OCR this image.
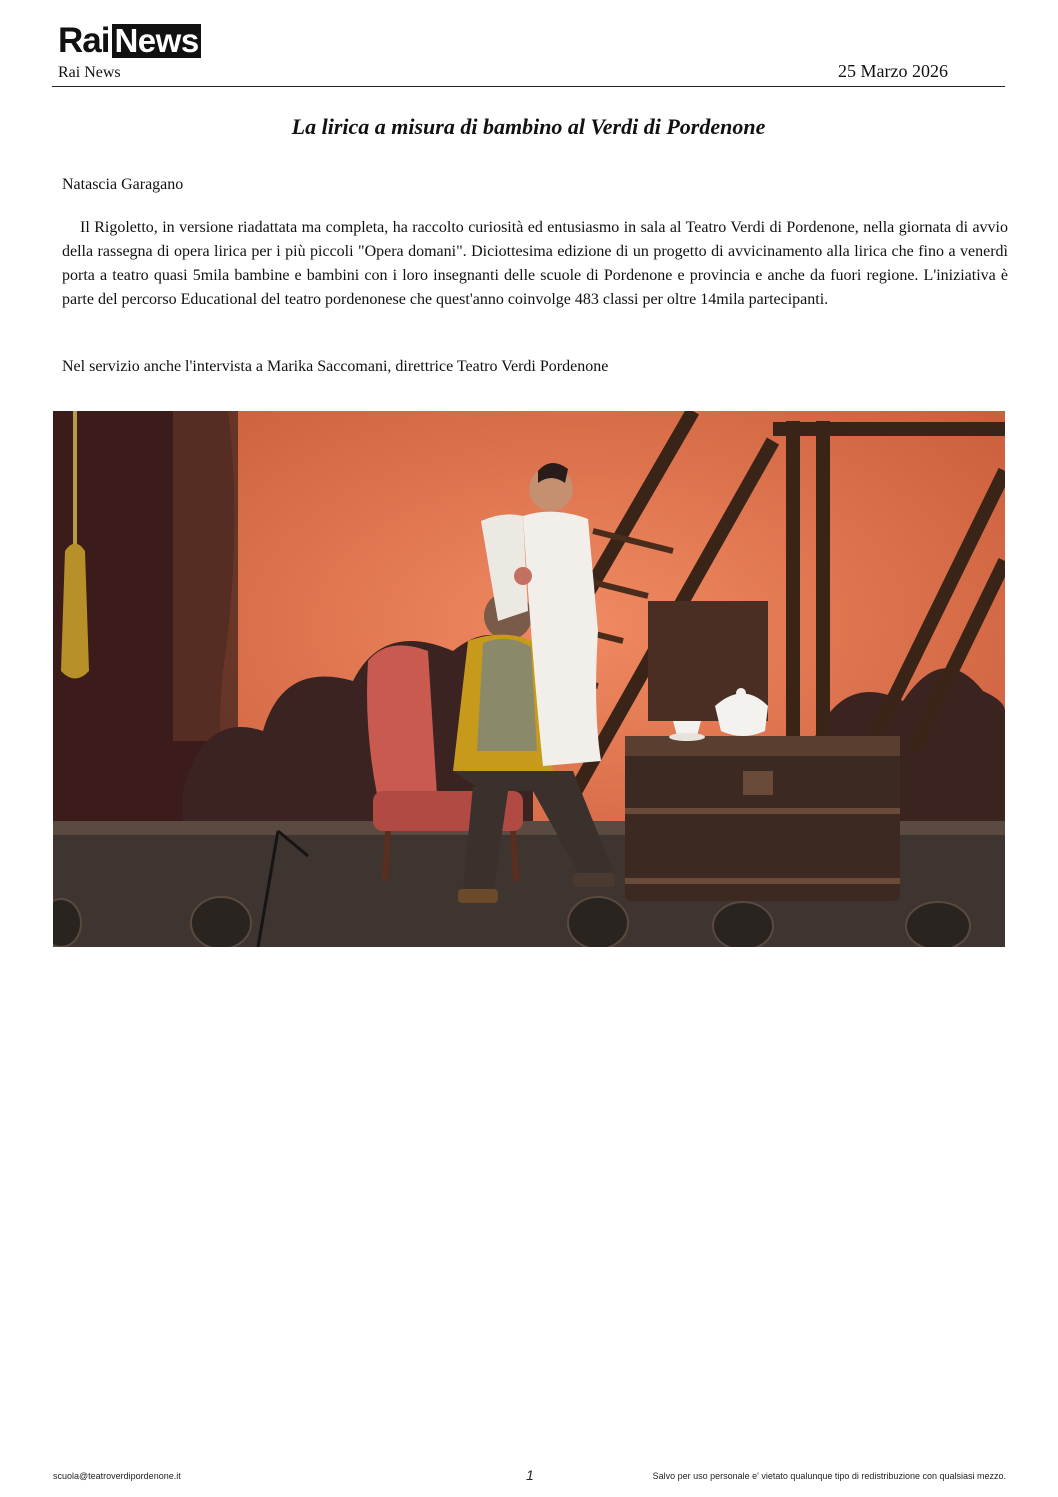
Rai News
Rai News	25 Marzo 2026
La lirica a misura di bambino al Verdi di Pordenone
Natascia Garagano

Il Rigoletto, in versione riadattata ma completa, ha raccolto curiosità ed entusiasmo in sala al Teatro Verdi di Pordenone, nella giornata di avvio della rassegna di opera lirica per i più piccoli "Opera domani". Diciottesima edizione di un progetto di avvicinamento alla lirica che fino a venerdì porta a teatro quasi 5mila bambine e bambini con i loro insegnanti delle scuole di Pordenone e provincia e anche da fuori regione. L'iniziativa è parte del percorso Educational del teatro pordenonese che quest'anno coinvolge 483 classi per oltre 14mila partecipanti.

Nel servizio anche l'intervista a Marika Saccomani, direttrice Teatro Verdi Pordenone
scuola@teatroverdipordenone.it	1	Salvo per uso personale e' vietato qualunque tipo di redistribuzione con qualsiasi mezzo.
